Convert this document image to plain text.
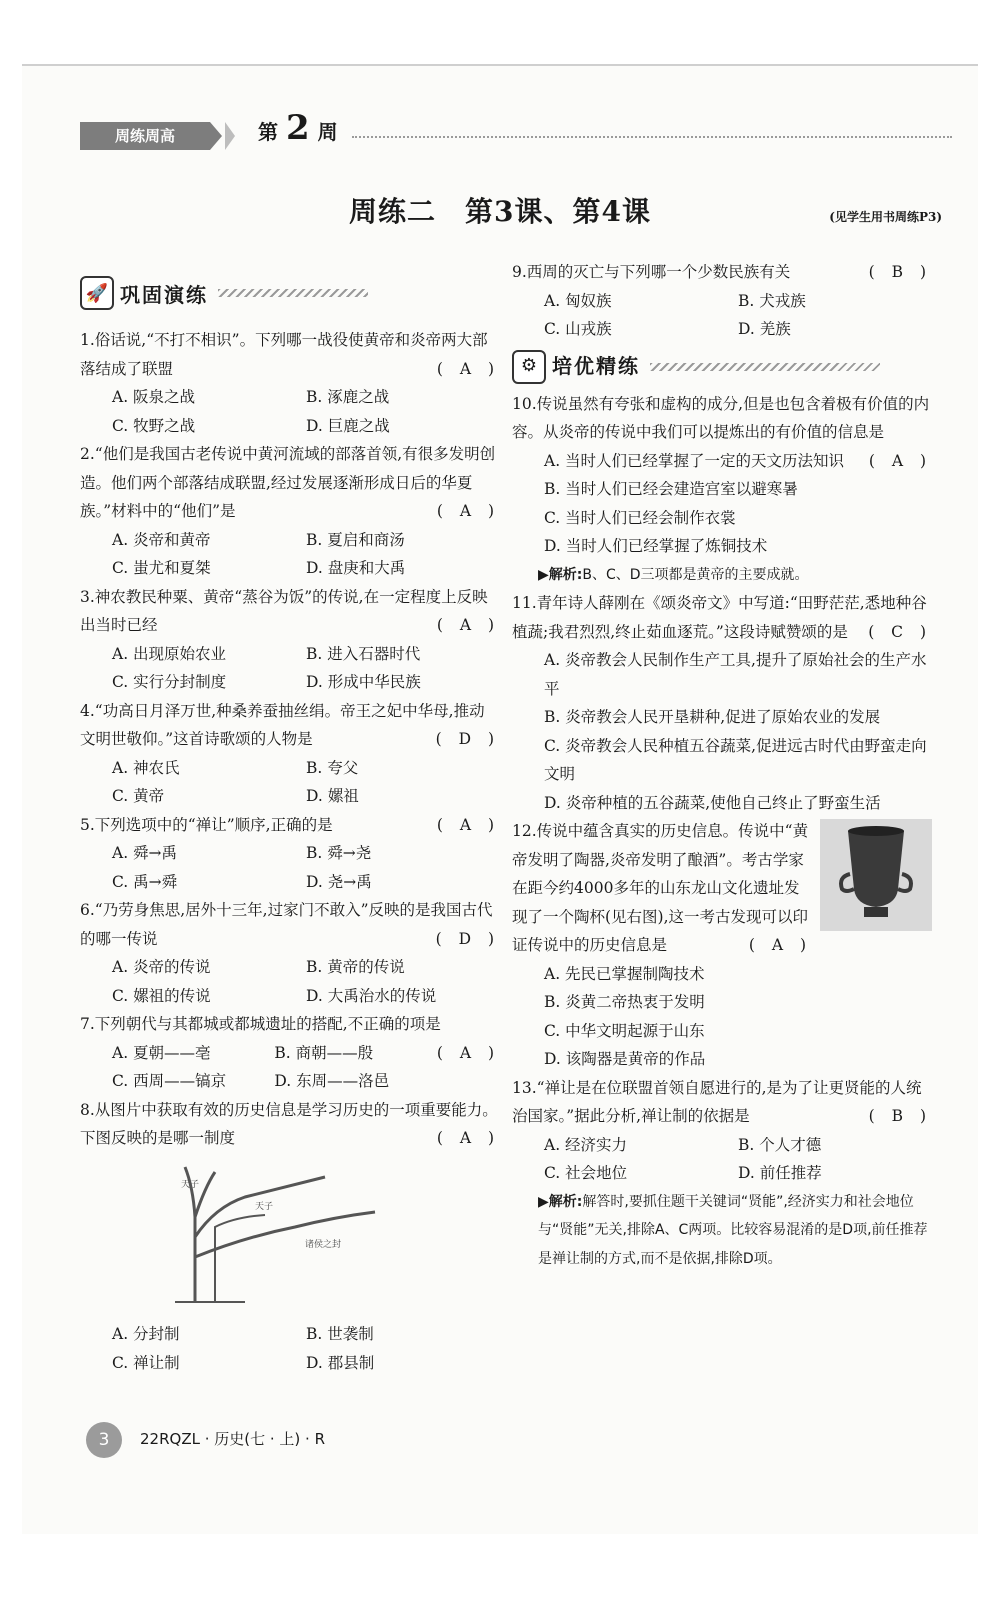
周练周高	第 2 周
周练二　第3课、第4课	(见学生用书周练P3)
🚀 巩固演练
1.俗话说,“不打不相识”。下列哪一战役使黄帝和炎帝两大部落结成了联盟	( A )
A. 阪泉之战	B. 涿鹿之战
C. 牧野之战	D. 巨鹿之战
2.“他们是我国古老传说中黄河流域的部落首领,有很多发明创造。他们两个部落结成联盟,经过发展逐渐形成日后的华夏族。”材料中的“他们”是	( A )
A. 炎帝和黄帝	B. 夏启和商汤
C. 蚩尤和夏桀	D. 盘庚和大禹
3.神农教民种粟、黄帝“蒸谷为饭”的传说,在一定程度上反映出当时已经	( A )
A. 出现原始农业	B. 进入石器时代
C. 实行分封制度	D. 形成中华民族
4.“功高日月泽万世,种桑养蚕抽丝绢。帝王之妃中华母,推动文明世敬仰。”这首诗歌颂的人物是	( D )
A. 神农氏	B. 夸父
C. 黄帝	D. 嫘祖
5.下列选项中的“禅让”顺序,正确的是	( A )
A. 舜→禹	B. 舜→尧
C. 禹→舜	D. 尧→禹
6.“乃劳身焦思,居外十三年,过家门不敢入”反映的是我国古代的哪一传说	( D )
A. 炎帝的传说	B. 黄帝的传说
C. 嫘祖的传说	D. 大禹治水的传说
7.下列朝代与其都城或都城遗址的搭配,不正确的项是
( A )
A. 夏朝——亳	B. 商朝——殷
C. 西周——镐京	D. 东周——洛邑
8.从图片中获取有效的历史信息是学习历史的一项重要能力。下图反映的是哪一制度	( A )
天子
天子
诸侯之封
A. 分封制	B. 世袭制
C. 禅让制	D. 郡县制
9.西周的灭亡与下列哪一个少数民族有关	( B )
A. 匈奴族	B. 犬戎族
C. 山戎族	D. 羌族
⚙ 培优精练
10.传说虽然有夸张和虚构的成分,但是也包含着极有价值的内容。从炎帝的传说中我们可以提炼出的有价值的信息是
( A )
A. 当时人们已经掌握了一定的天文历法知识
B. 当时人们已经会建造宫室以避寒暑
C. 当时人们已经会制作衣裳
D. 当时人们已经掌握了炼铜技术
▶解析:B、C、D三项都是黄帝的主要成就。
11.青年诗人薛刚在《颂炎帝文》中写道:“田野茫茫,悉地种谷植蔬;我君烈烈,终止茹血逐荒。”这段诗赋赞颂的是 ( C )
A. 炎帝教会人民制作生产工具,提升了原始社会的生产水平
B. 炎帝教会人民开垦耕种,促进了原始农业的发展
C. 炎帝教会人民种植五谷蔬菜,促进远古时代由野蛮走向文明
D. 炎帝种植的五谷蔬菜,使他自己终止了野蛮生活
12.传说中蕴含真实的历史信息。传说中“黄帝发明了陶器,炎帝发明了酿酒”。考古学家在距今约4000多年的山东龙山文化遗址发现了一个陶杯(见右图),这一考古发现可以印证传说中的历史信息是	( A )
A. 先民已掌握制陶技术
B. 炎黄二帝热衷于发明
C. 中华文明起源于山东
D. 该陶器是黄帝的作品
13.“禅让是在位联盟首领自愿进行的,是为了让更贤能的人统治国家。”据此分析,禅让制的依据是	( B )
A. 经济实力	B. 个人才德
C. 社会地位	D. 前任推荐
▶解析:解答时,要抓住题干关键词“贤能”,经济实力和社会地位与“贤能”无关,排除A、C两项。比较容易混淆的是D项,前任推荐是禅让制的方式,而不是依据,排除D项。
3	22RQZL · 历史(七 · 上) · R
